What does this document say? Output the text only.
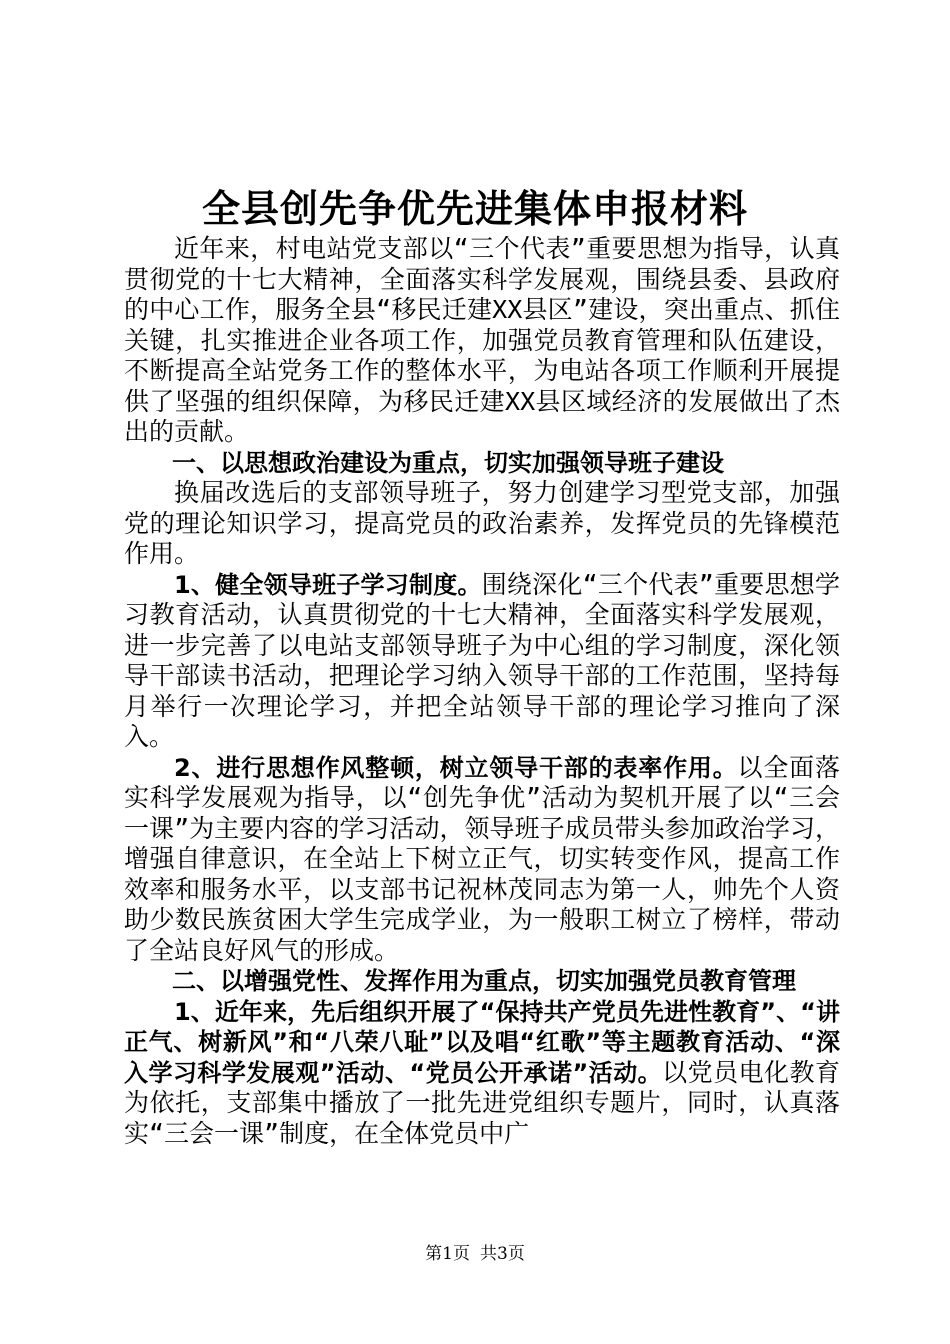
全县创先争优先进集体申报材料

近年来，村电站党支部以“三个代表”重要思想为指导，认真贯彻党的十七大精神，全面落实科学发展观，围绕县委、县政府的中心工作，服务全县“移民迁建XX县区”建设，突出重点、抓住关键，扎实推进企业各项工作，加强党员教育管理和队伍建设，不断提高全站党务工作的整体水平，为电站各项工作顺利开展提供了坚强的组织保障，为移民迁建XX县区域经济的发展做出了杰出的贡献。

一、以思想政治建设为重点，切实加强领导班子建设

换届改选后的支部领导班子，努力创建学习型党支部，加强党的理论知识学习，提高党员的政治素养，发挥党员的先锋模范作用。

1、健全领导班子学习制度。围绕深化“三个代表”重要思想学习教育活动，认真贯彻党的十七大精神，全面落实科学发展观，进一步完善了以电站支部领导班子为中心组的学习制度，深化领导干部读书活动，把理论学习纳入领导干部的工作范围，坚持每月举行一次理论学习，并把全站领导干部的理论学习推向了深入。

2、进行思想作风整顿，树立领导干部的表率作用。以全面落实科学发展观为指导，以“创先争优”活动为契机开展了以“三会一课”为主要内容的学习活动，领导班子成员带头参加政治学习，增强自律意识，在全站上下树立正气，切实转变作风，提高工作效率和服务水平，以支部书记祝林茂同志为第一人，帅先个人资助少数民族贫困大学生完成学业，为一般职工树立了榜样，带动了全站良好风气的形成。

二、以增强党性、发挥作用为重点，切实加强党员教育管理

1、近年来，先后组织开展了“保持共产党员先进性教育”、“讲正气、树新风”和“八荣八耻”以及唱“红歌”等主题教育活动、“深入学习科学发展观”活动、“党员公开承诺”活动。以党员电化教育为依托，支部集中播放了一批先进党组织专题片，同时，认真落实“三会一课”制度，在全体党员中广

第1页 共3页
